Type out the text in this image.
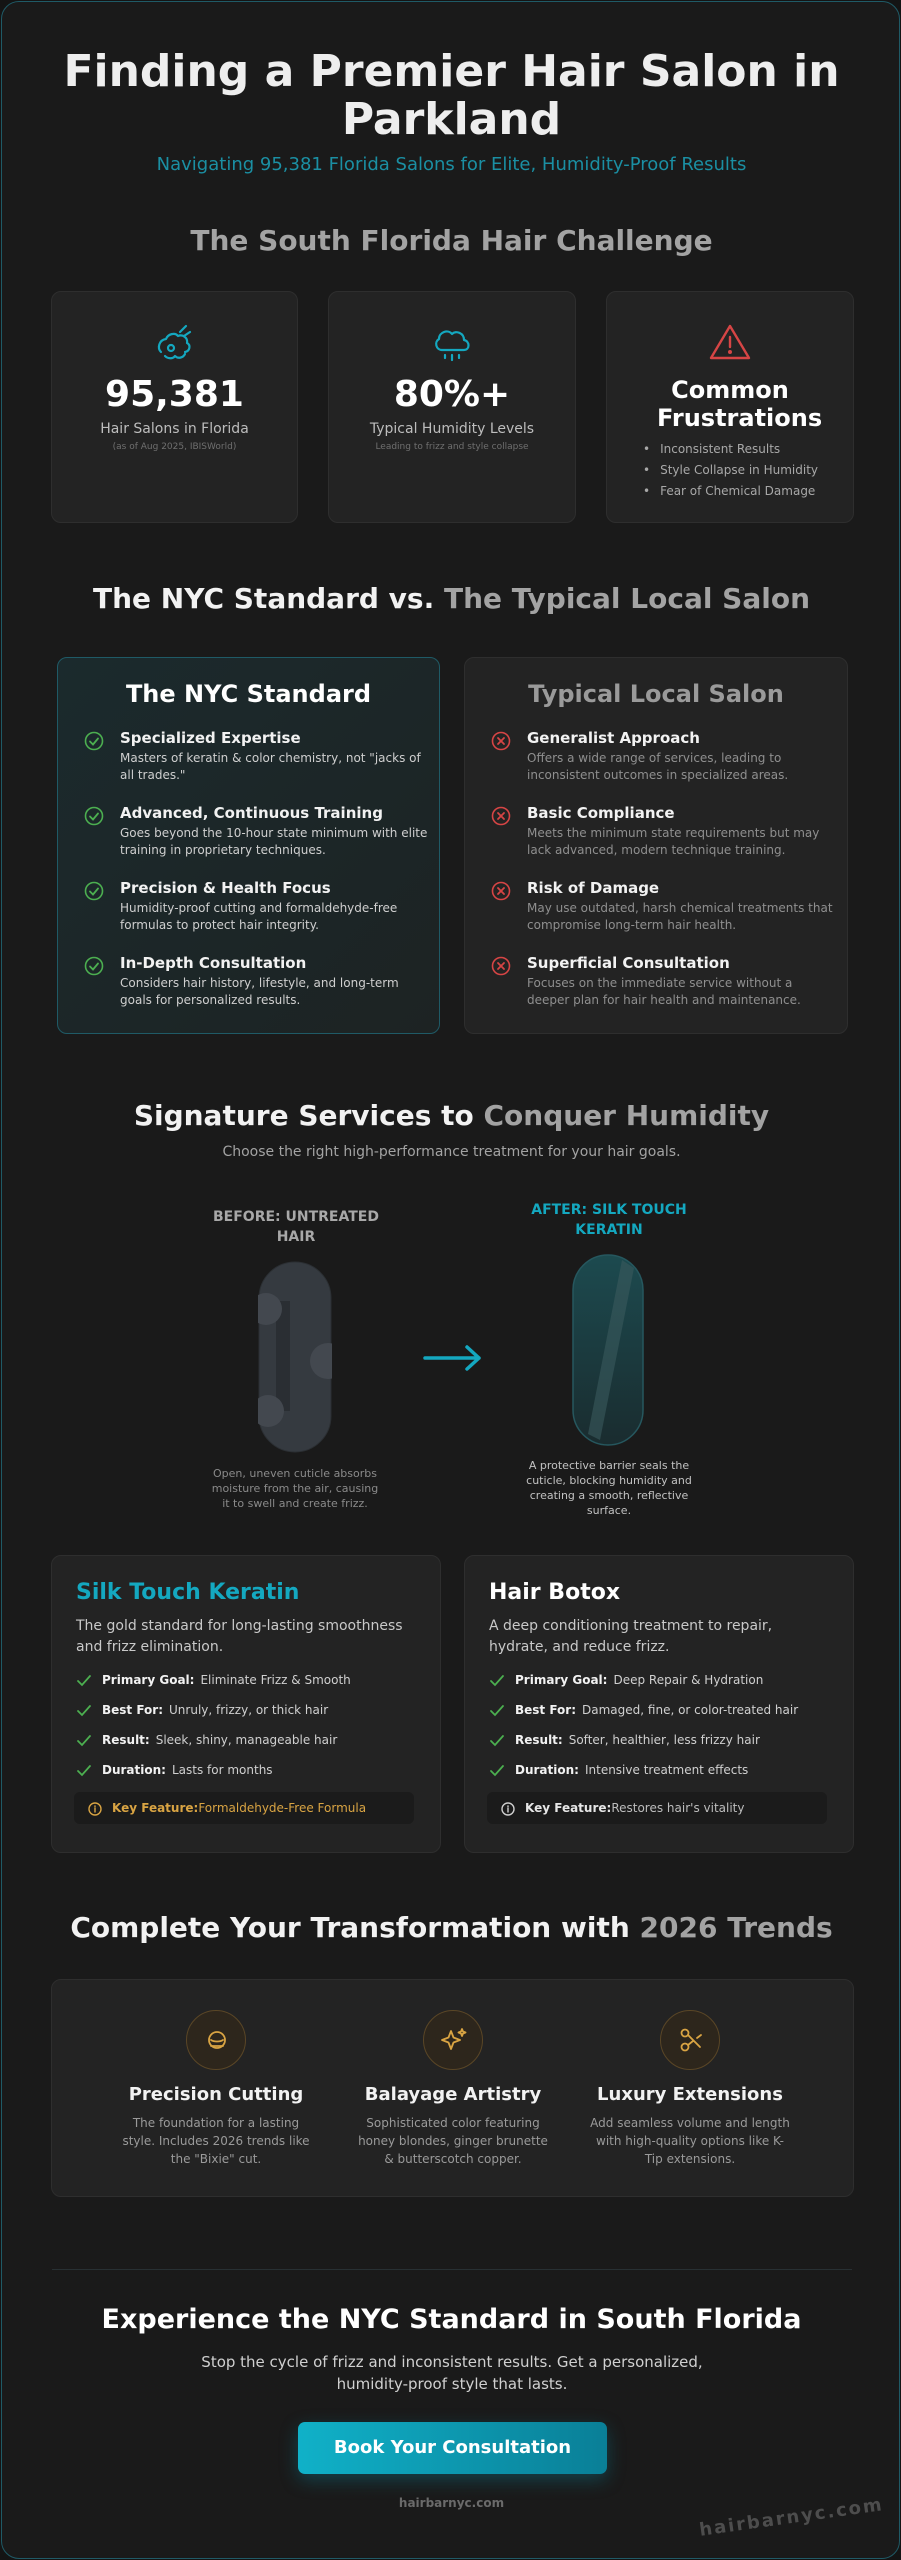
Finding a Premier Hair Salon in Parkland
Navigating 95,381 Florida Salons for Elite, Humidity-Proof Results
The South Florida Hair Challenge
95,381
Hair Salons in Florida
(as of Aug 2025, IBISWorld)
80%+
Typical Humidity Levels
Leading to frizz and style collapse
Common Frustrations
• Inconsistent Results
• Style Collapse in Humidity
• Fear of Chemical Damage
The NYC Standard vs. The Typical Local Salon
The NYC Standard
Specialized Expertise
Masters of keratin & color chemistry, not "jacks of all trades."
Advanced, Continuous Training
Goes beyond the 10-hour state minimum with elite training in proprietary techniques.
Precision & Health Focus
Humidity-proof cutting and formaldehyde-free formulas to protect hair integrity.
In-Depth Consultation
Considers hair history, lifestyle, and long-term goals for personalized results.
Typical Local Salon
Generalist Approach
Offers a wide range of services, leading to inconsistent outcomes in specialized areas.
Basic Compliance
Meets the minimum state requirements but may lack advanced, modern technique training.
Risk of Damage
May use outdated, harsh chemical treatments that compromise long-term hair health.
Superficial Consultation
Focuses on the immediate service without a deeper plan for hair health and maintenance.
Signature Services to Conquer Humidity
Choose the right high-performance treatment for your hair goals.
BEFORE: UNTREATED HAIR
Open, uneven cuticle absorbs moisture from the air, causing it to swell and create frizz.
AFTER: SILK TOUCH KERATIN
A protective barrier seals the cuticle, blocking humidity and creating a smooth, reflective surface.
Silk Touch Keratin
The gold standard for long-lasting smoothness and frizz elimination.
Primary Goal: Eliminate Frizz & Smooth
Best For: Unruly, frizzy, or thick hair
Result: Sleek, shiny, manageable hair
Duration: Lasts for months
Key Feature:Formaldehyde-Free Formula
Hair Botox
A deep conditioning treatment to repair, hydrate, and reduce frizz.
Primary Goal: Deep Repair & Hydration
Best For: Damaged, fine, or color-treated hair
Result: Softer, healthier, less frizzy hair
Duration: Intensive treatment effects
Key Feature:Restores hair's vitality
Complete Your Transformation with 2026 Trends
Precision Cutting
The foundation for a lasting style. Includes 2026 trends like the "Bixie" cut.
Balayage Artistry
Sophisticated color featuring honey blondes, ginger brunette & butterscotch copper.
Luxury Extensions
Add seamless volume and length with high-quality options like K-Tip extensions.
Experience the NYC Standard in South Florida
Stop the cycle of frizz and inconsistent results. Get a personalized, humidity-proof style that lasts.
Book Your Consultation
hairbarnyc.com	hairbarnyc.com
